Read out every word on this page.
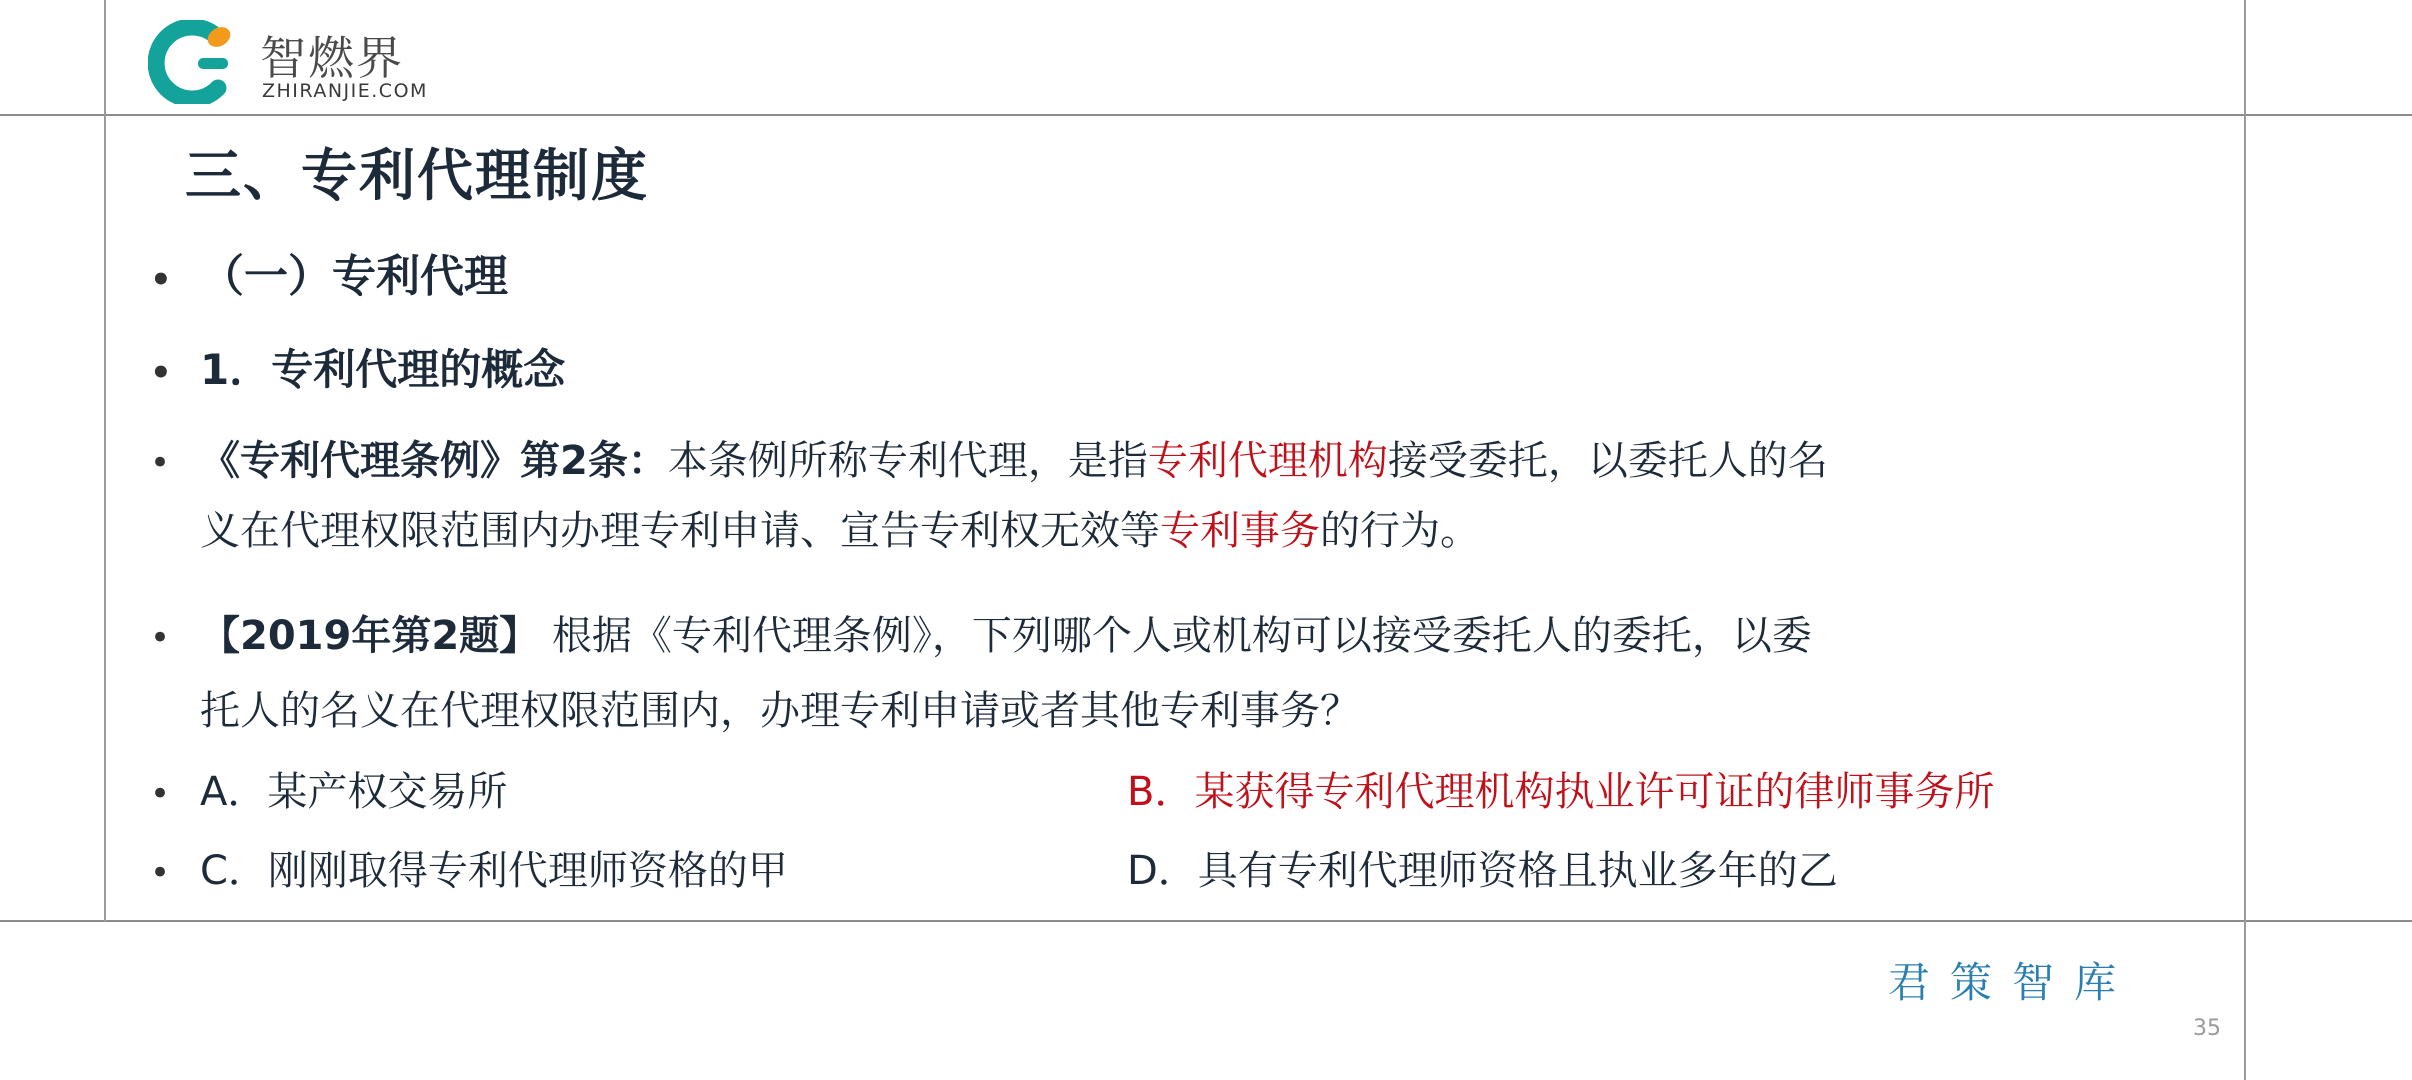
智燃界
ZHIRANJIE.COM
三、专利代理制度
• （一）专利代理
• 1．专利代理的概念
• 《专利代理条例》第2条：本条例所称专利代理，是指专利代理机构接受委托，以委托人的名
义在代理权限范围内办理专利申请、宣告专利权无效等专利事务的行为。
• 【2019年第2题】 根据《专利代理条例》，下列哪个人或机构可以接受委托人的委托，以委
托人的名义在代理权限范围内，办理专利申请或者其他专利事务？
• A．某产权交易所	B．某获得专利代理机构执业许可证的律师事务所
• C．刚刚取得专利代理师资格的甲	D．具有专利代理师资格且执业多年的乙
君策智库
35
